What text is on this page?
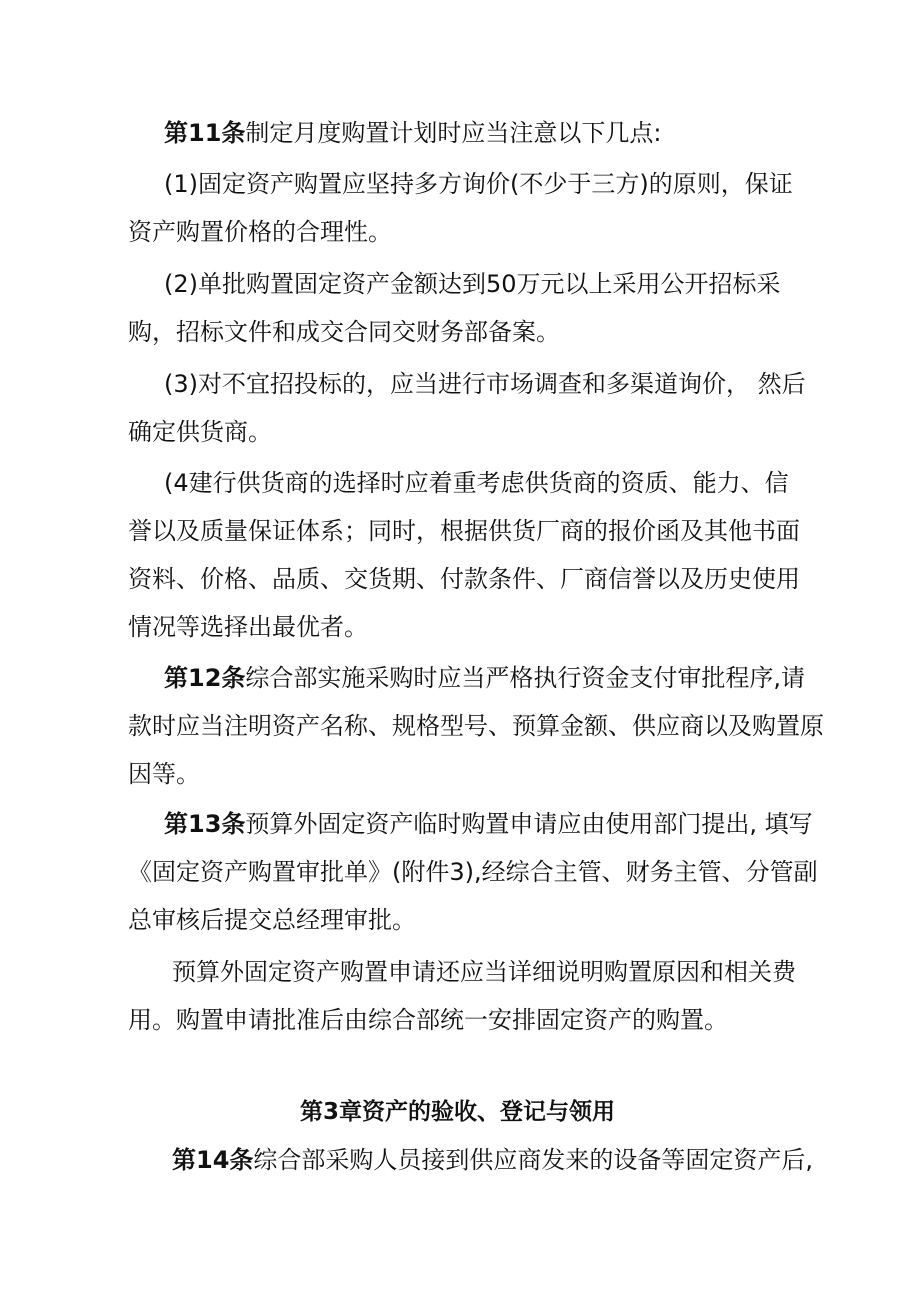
第11条制定月度购置计划时应当注意以下几点:
(1)固定资产购置应坚持多方询价(不少于三方)的原则，保证
资产购置价格的合理性。
(2)单批购置固定资产金额达到50万元以上采用公开招标采
购，招标文件和成交合同交财务部备案。
(3)对不宜招投标的，应当进行市场调查和多渠道询价， 然后
确定供货商。
(4建行供货商的选择时应着重考虑供货商的资质、能力、信
誉以及质量保证体系；同时，根据供货厂商的报价函及其他书面
资料、价格、品质、交货期、付款条件、厂商信誉以及历史使用
情况等选择出最优者。
第12条综合部实施采购时应当严格执行资金支付审批程序,请
款时应当注明资产名称、规格型号、预算金额、供应商以及购置原
因等。
第13条预算外固定资产临时购置申请应由使用部门提出, 填写
《固定资产购置审批单》(附件3),经综合主管、财务主管、分管副
总审核后提交总经理审批。
预算外固定资产购置申请还应当详细说明购置原因和相关费
用。购置申请批准后由综合部统一安排固定资产的购置。
第3章资产的验收、登记与领用
第14条综合部采购人员接到供应商发来的设备等固定资产后,
